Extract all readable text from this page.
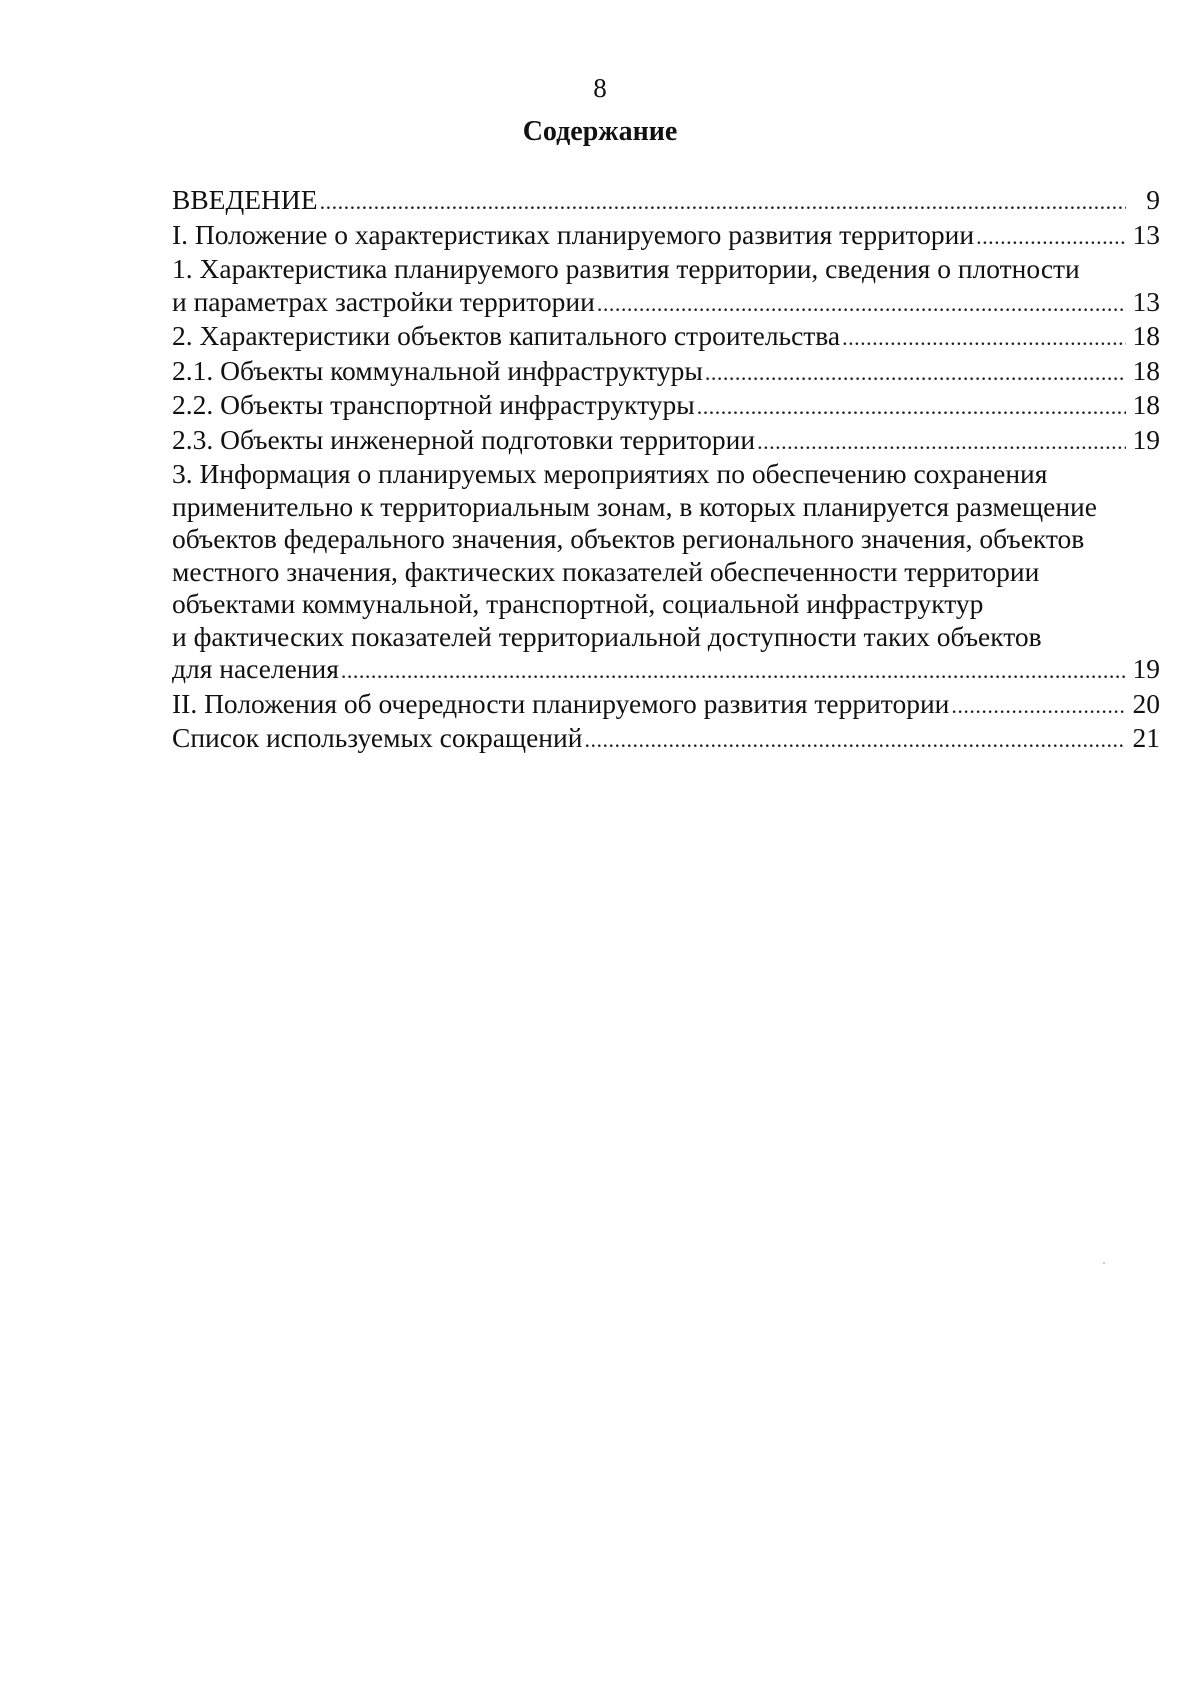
8
Содержание
ВВЕДЕНИЕ .....	9
I. Положение о характеристиках планируемого развития территории .....	13
1. Характеристика планируемого развития территории, сведения о плотности
и параметрах застройки территории .....	13
2. Характеристики объектов капитального строительства .....	18
2.1. Объекты коммунальной инфраструктуры .....	18
2.2. Объекты транспортной инфраструктуры .....	18
2.3. Объекты инженерной подготовки территории .....	19
3. Информация о планируемых мероприятиях по обеспечению сохранения
применительно к территориальным зонам, в которых планируется размещение
объектов федерального значения, объектов регионального значения, объектов
местного значения, фактических показателей обеспеченности территории
объектами коммунальной, транспортной, социальной инфраструктур
и фактических показателей территориальной доступности таких объектов
для населения .....	19
II. Положения об очередности планируемого развития территории .....	20
Список используемых сокращений .....	21
